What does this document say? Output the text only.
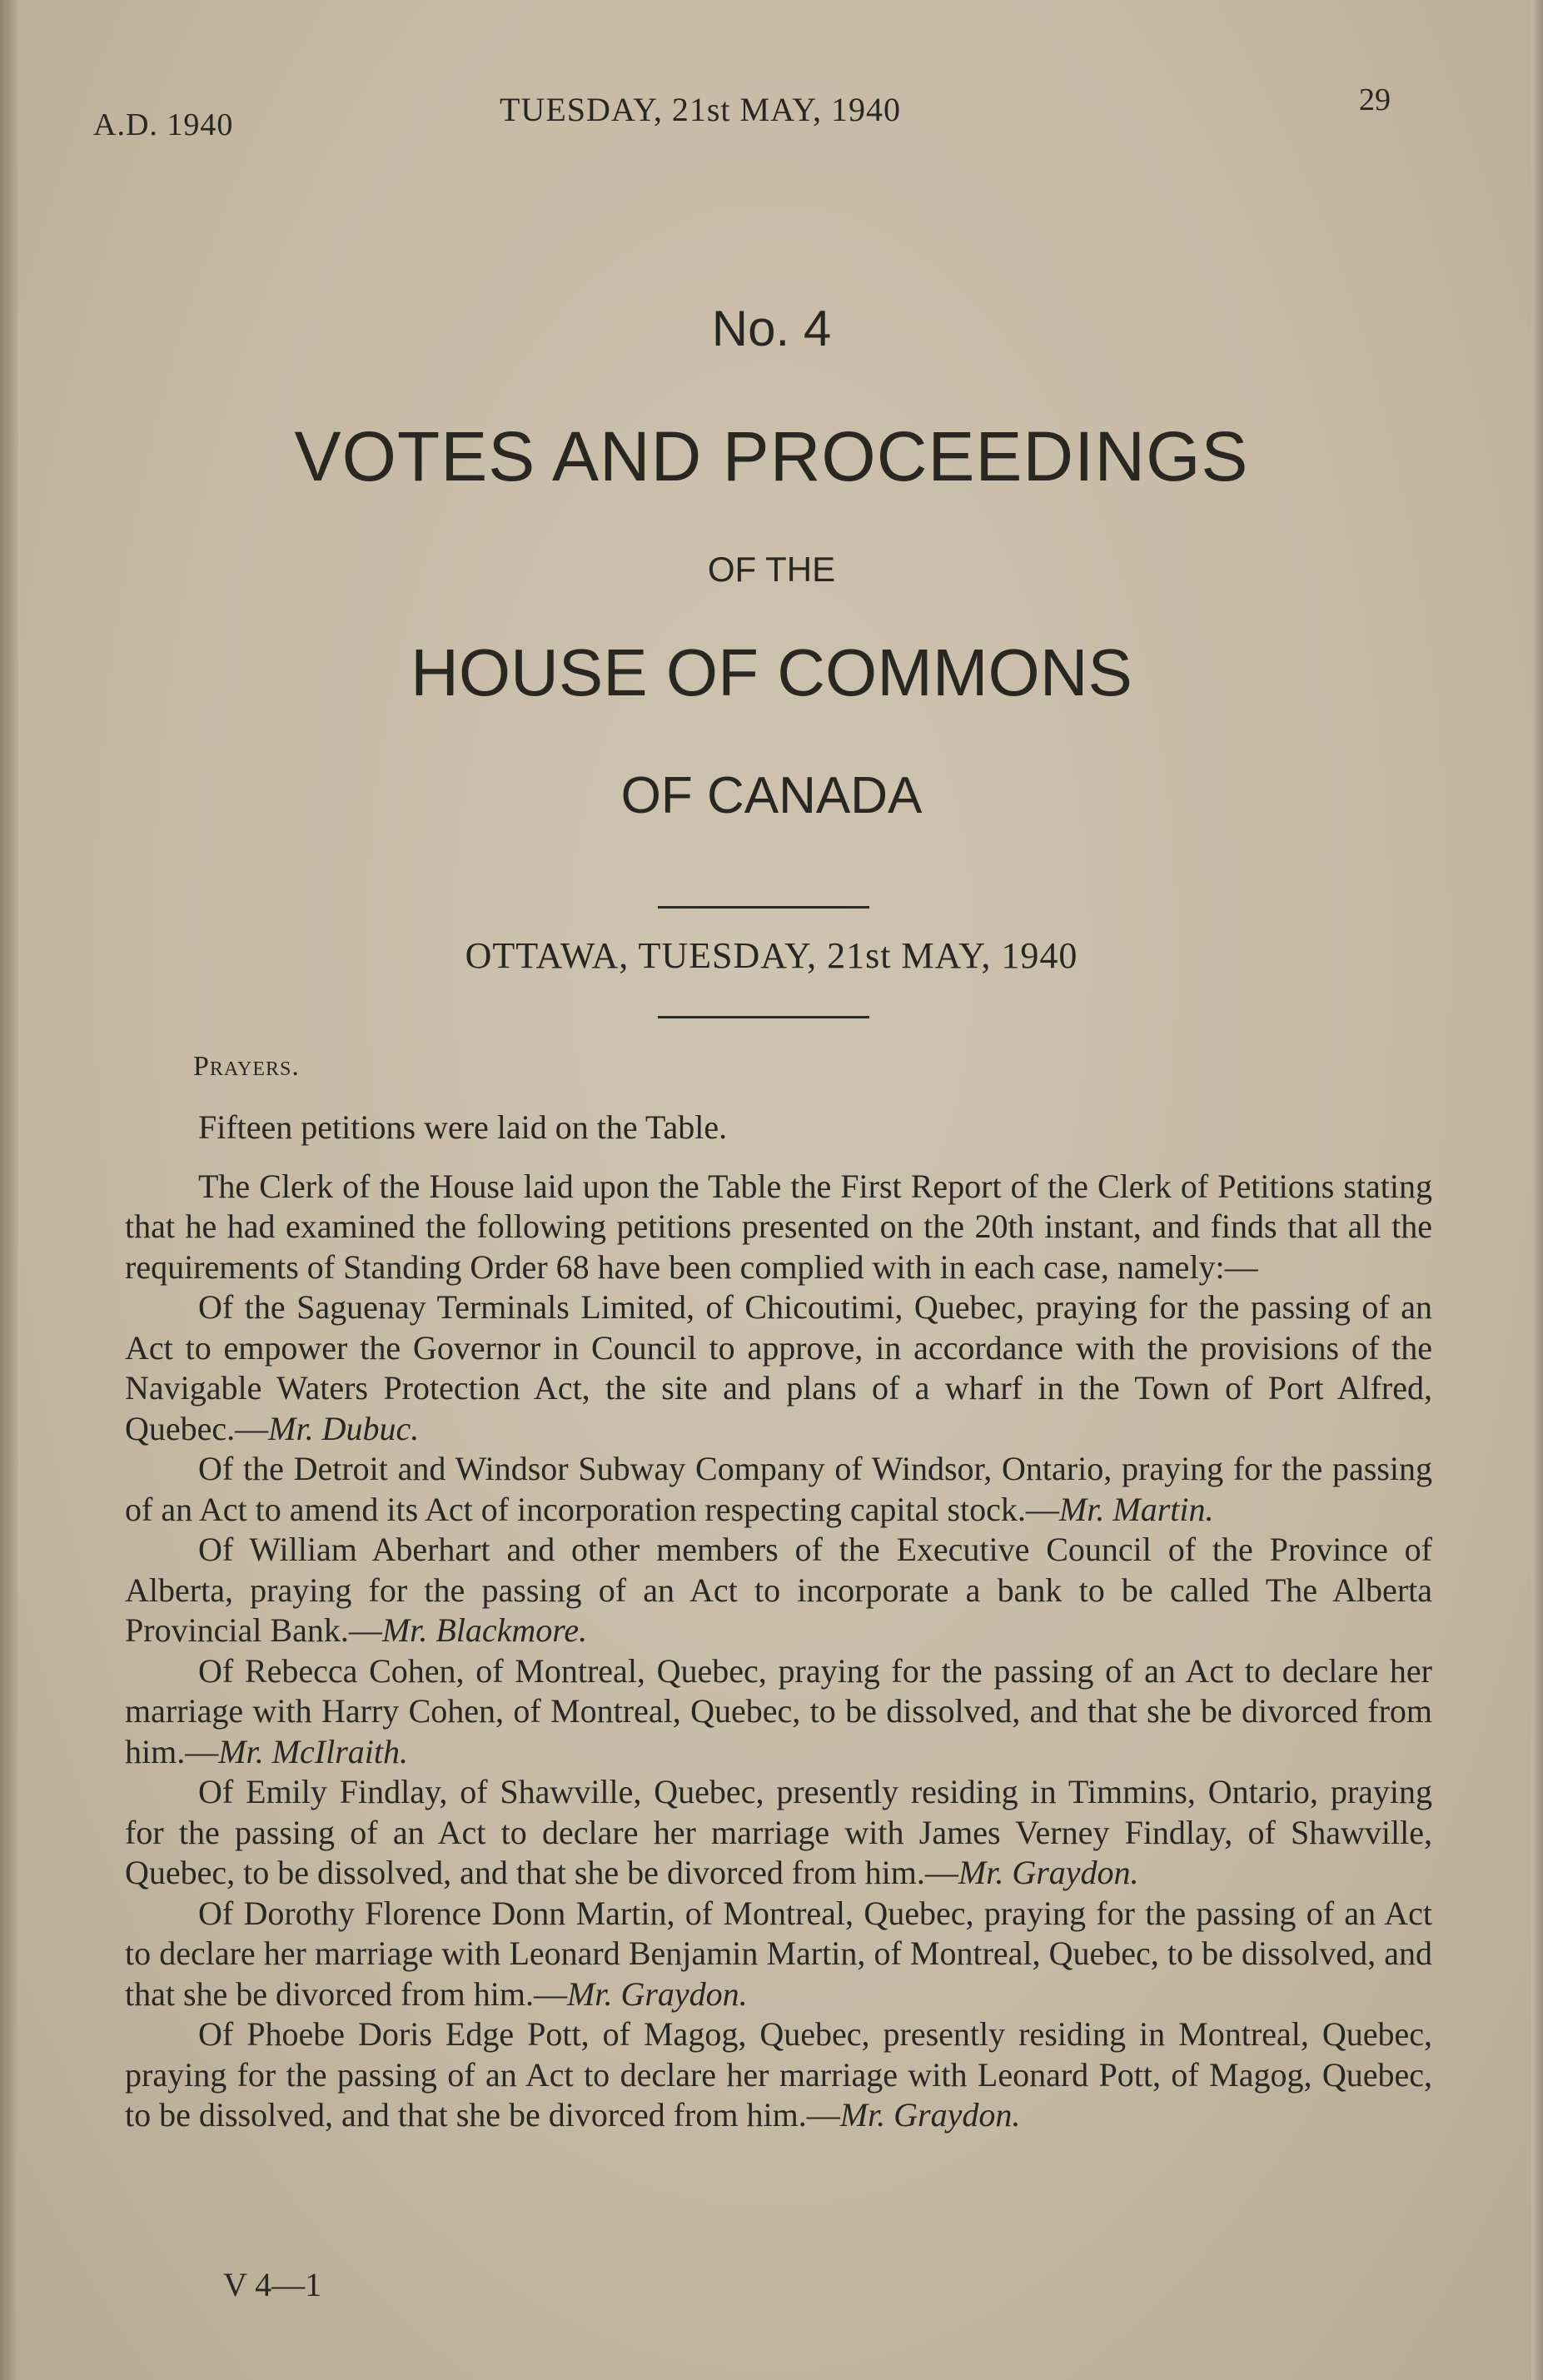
A.D. 1940	TUESDAY, 21st MAY, 1940	29
No. 4
VOTES AND PROCEEDINGS
OF THE
HOUSE OF COMMONS
OF CANADA
OTTAWA, TUESDAY, 21st MAY, 1940
Prayers.

Fifteen petitions were laid on the Table.

The Clerk of the House laid upon the Table the First Report of the Clerk of Petitions stating that he had examined the following petitions presented on the 20th instant, and finds that all the requirements of Standing Order 68 have been complied with in each case, namely:—

Of the Saguenay Terminals Limited, of Chicoutimi, Quebec, praying for the passing of an Act to empower the Governor in Council to approve, in accordance with the provisions of the Navigable Waters Protection Act, the site and plans of a wharf in the Town of Port Alfred, Quebec.—Mr. Dubuc.

Of the Detroit and Windsor Subway Company of Windsor, Ontario, praying for the passing of an Act to amend its Act of incorporation respecting capital stock.—Mr. Martin.

Of William Aberhart and other members of the Executive Council of the Province of Alberta, praying for the passing of an Act to incorporate a bank to be called The Alberta Provincial Bank.—Mr. Blackmore.

Of Rebecca Cohen, of Montreal, Quebec, praying for the passing of an Act to declare her marriage with Harry Cohen, of Montreal, Quebec, to be dissolved, and that she be divorced from him.—Mr. McIlraith.

Of Emily Findlay, of Shawville, Quebec, presently residing in Timmins, Ontario, praying for the passing of an Act to declare her marriage with James Verney Findlay, of Shawville, Quebec, to be dissolved, and that she be divorced from him.—Mr. Graydon.

Of Dorothy Florence Donn Martin, of Montreal, Quebec, praying for the passing of an Act to declare her marriage with Leonard Benjamin Martin, of Montreal, Quebec, to be dissolved, and that she be divorced from him.—Mr. Graydon.

Of Phoebe Doris Edge Pott, of Magog, Quebec, presently residing in Montreal, Quebec, praying for the passing of an Act to declare her marriage with Leonard Pott, of Magog, Quebec, to be dissolved, and that she be divorced from him.—Mr. Graydon.

V 4—1
